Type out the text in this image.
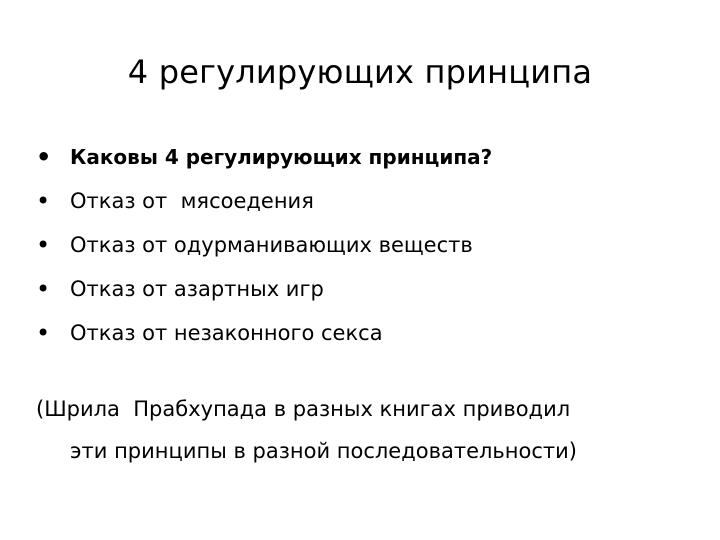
4 регулирующих принципа
• Каковы 4 регулирующих принципа?
• Отказ от  мясоедения
• Отказ от одурманивающих веществ
• Отказ от азартных игр
• Отказ от незаконного секса
(Шрила  Прабхупада в разных книгах приводил
эти принципы в разной последовательности)
